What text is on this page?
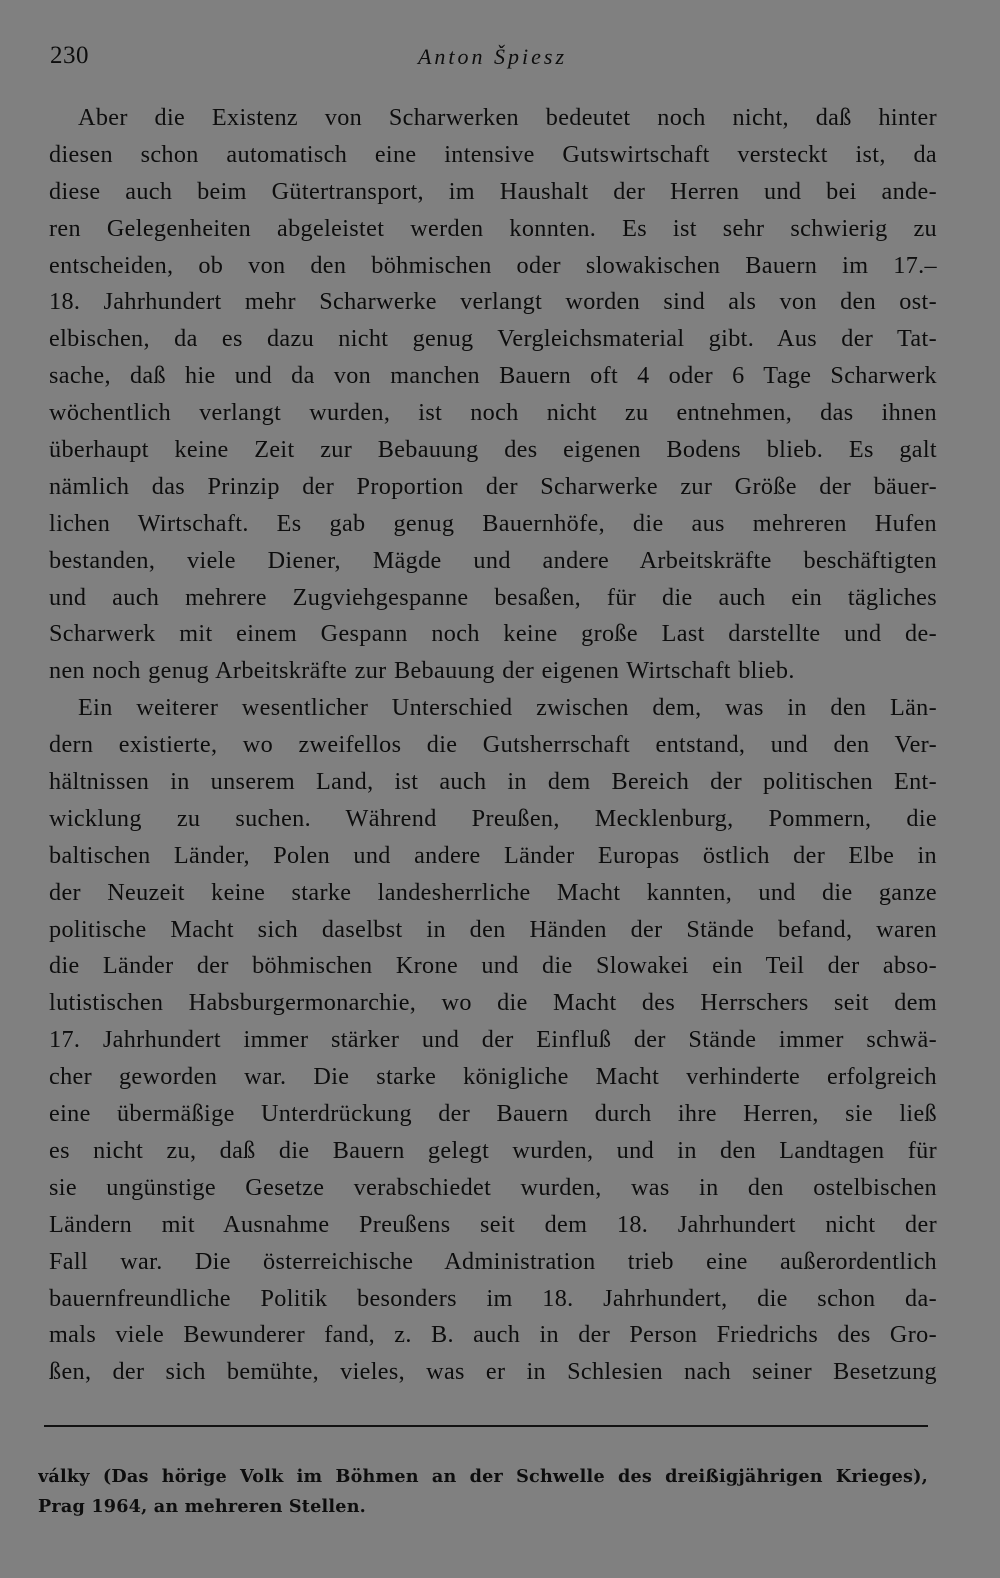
230	Anton Špiesz
Aber die Existenz von Scharwerken bedeutet noch nicht, daß hinter
diesen schon automatisch eine intensive Gutswirtschaft versteckt ist, da
diese auch beim Gütertransport, im Haushalt der Herren und bei ande-
ren Gelegenheiten abgeleistet werden konnten. Es ist sehr schwierig zu
entscheiden, ob von den böhmischen oder slowakischen Bauern im 17.–
18. Jahrhundert mehr Scharwerke verlangt worden sind als von den ost-
elbischen, da es dazu nicht genug Vergleichsmaterial gibt. Aus der Tat-
sache, daß hie und da von manchen Bauern oft 4 oder 6 Tage Scharwerk
wöchentlich verlangt wurden, ist noch nicht zu entnehmen, das ihnen
überhaupt keine Zeit zur Bebauung des eigenen Bodens blieb. Es galt
nämlich das Prinzip der Proportion der Scharwerke zur Größe der bäuer-
lichen Wirtschaft. Es gab genug Bauernhöfe, die aus mehreren Hufen
bestanden, viele Diener, Mägde und andere Arbeitskräfte beschäftigten
und auch mehrere Zugviehgespanne besaßen, für die auch ein tägliches
Scharwerk mit einem Gespann noch keine große Last darstellte und de-
nen noch genug Arbeitskräfte zur Bebauung der eigenen Wirtschaft blieb.
Ein weiterer wesentlicher Unterschied zwischen dem, was in den Län-
dern existierte, wo zweifellos die Gutsherrschaft entstand, und den Ver-
hältnissen in unserem Land, ist auch in dem Bereich der politischen Ent-
wicklung zu suchen. Während Preußen, Mecklenburg, Pommern, die
baltischen Länder, Polen und andere Länder Europas östlich der Elbe in
der Neuzeit keine starke landesherrliche Macht kannten, und die ganze
politische Macht sich daselbst in den Händen der Stände befand, waren
die Länder der böhmischen Krone und die Slowakei ein Teil der abso-
lutistischen Habsburgermonarchie, wo die Macht des Herrschers seit dem
17. Jahrhundert immer stärker und der Einfluß der Stände immer schwä-
cher geworden war. Die starke königliche Macht verhinderte erfolgreich
eine übermäßige Unterdrückung der Bauern durch ihre Herren, sie ließ
es nicht zu, daß die Bauern gelegt wurden, und in den Landtagen für
sie ungünstige Gesetze verabschiedet wurden, was in den ostelbischen
Ländern mit Ausnahme Preußens seit dem 18. Jahrhundert nicht der
Fall war. Die österreichische Administration trieb eine außerordentlich
bauernfreundliche Politik besonders im 18. Jahrhundert, die schon da-
mals viele Bewunderer fand, z. B. auch in der Person Friedrichs des Gro-
ßen, der sich bemühte, vieles, was er in Schlesien nach seiner Besetzung
války (Das hörige Volk im Böhmen an der Schwelle des dreißigjährigen Krieges),
Prag 1964, an mehreren Stellen.
